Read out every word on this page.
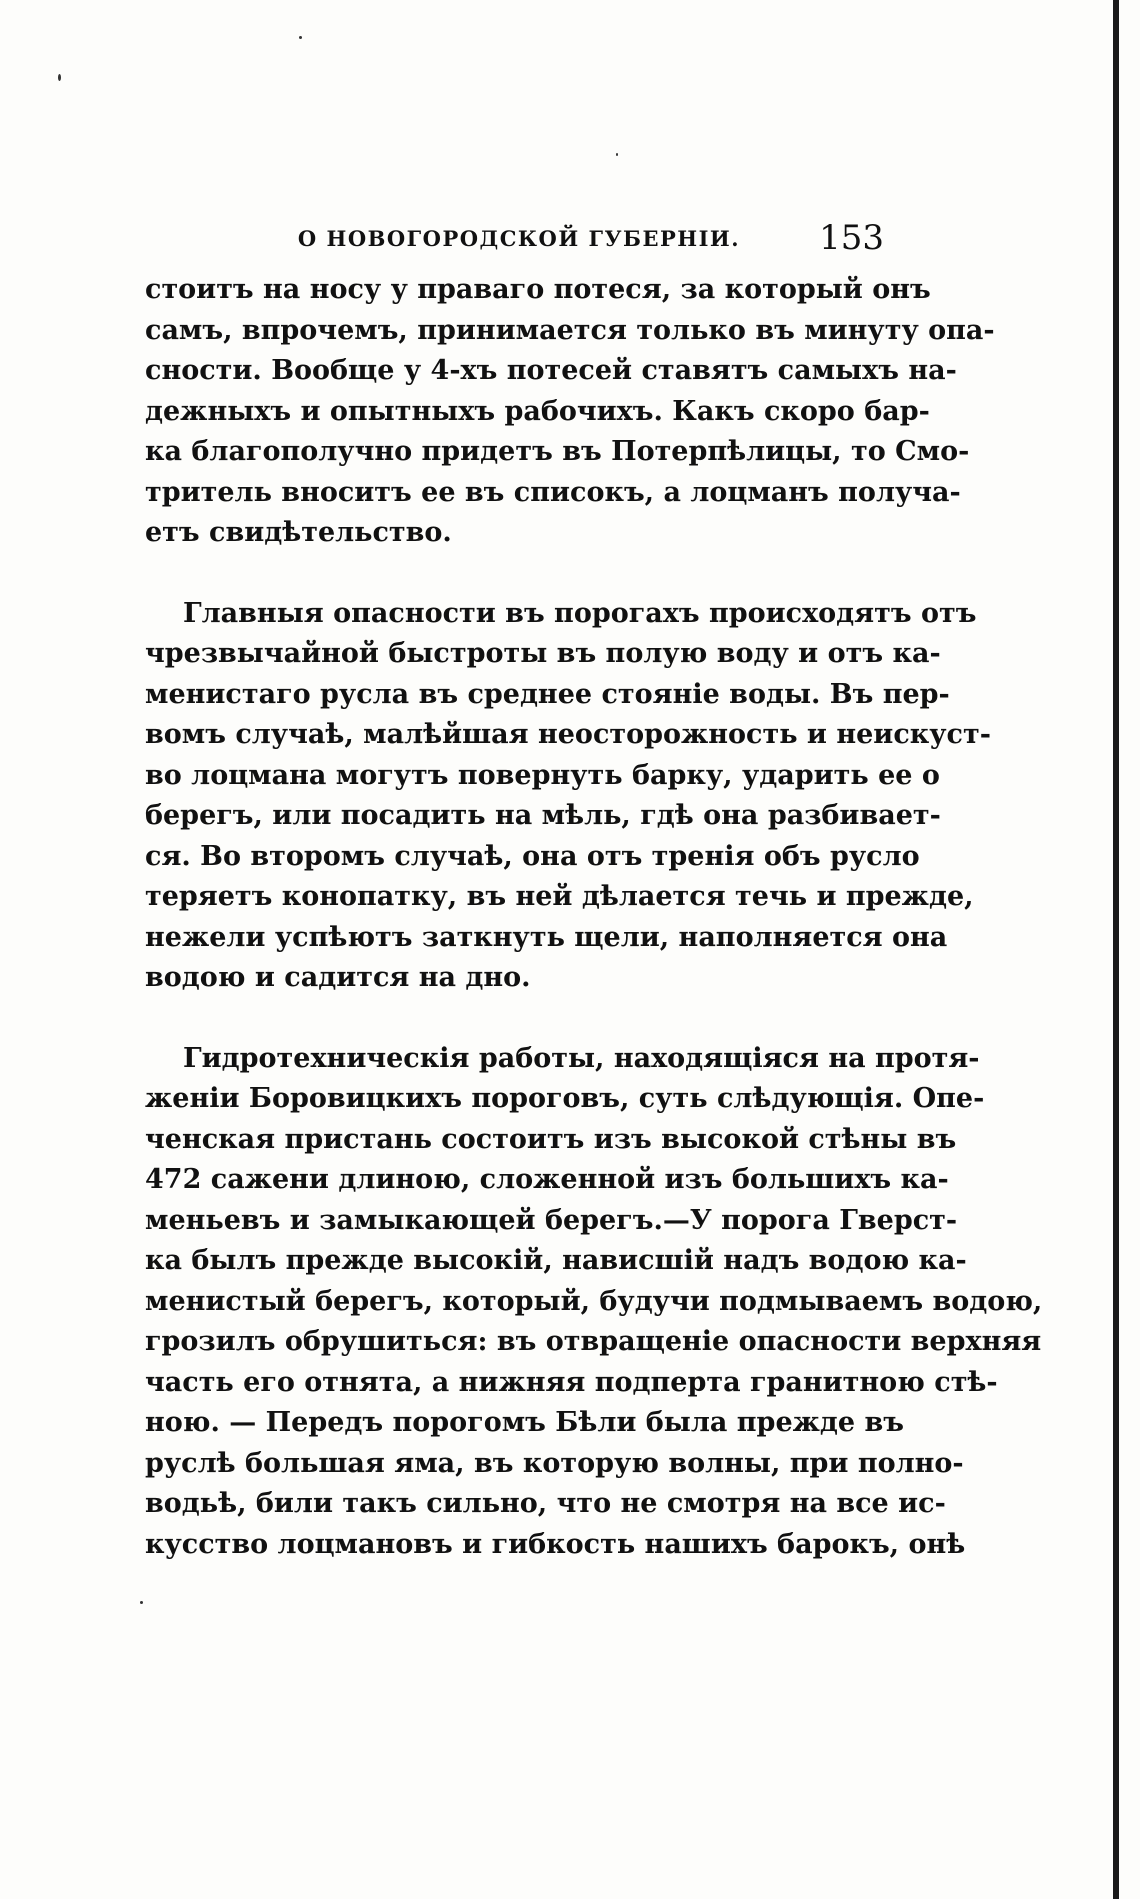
О НОВОГОРОДСКОЙ ГУБЕРНІИ.	153
стоитъ на носу у праваго потеся, за который онъ
самъ, впрочемъ, принимается только въ минуту опа-
сности. Вообще у 4-хъ потесей ставятъ самыхъ на-
дежныхъ и опытныхъ рабочихъ. Какъ скоро бар-
ка благополучно придетъ въ Потерпѣлицы, то Смо-
тритель вноситъ ее въ списокъ, а лоцманъ получа-
етъ свидѣтельство.
Главныя опасности въ порогахъ происходятъ отъ
чрезвычайной быстроты въ полую воду и отъ ка-
менистаго русла въ среднее стояніе воды. Въ пер-
вомъ случаѣ, малѣйшая неосторожность и неискуст-
во лоцмана могутъ повернуть барку, ударить ее о
берегъ, или посадить на мѣль, гдѣ она разбивает-
ся. Во второмъ случаѣ, она отъ тренія объ русло
теряетъ конопатку, въ ней дѣлается течь и прежде,
нежели успѣютъ заткнуть щели, наполняется она
водою и садится на дно.
Гидротехническія работы, находящіяся на протя-
женіи Боровицкихъ пороговъ, суть слѣдующія. Опе-
ченская пристань состоитъ изъ высокой стѣны въ
472 сажени длиною, сложенной изъ большихъ ка-
меньевъ и замыкающей берегъ.—У порога Гверст-
ка былъ прежде высокій, нависшій надъ водою ка-
менистый берегъ, который, будучи подмываемъ водою,
грозилъ обрушиться: въ отвращеніе опасности верхняя
часть его отнята, а нижняя подперта гранитною стѣ-
ною. — Передъ порогомъ Бѣли была прежде въ
руслѣ большая яма, въ которую волны, при полно-
водьѣ, били такъ сильно, что не смотря на все ис-
кусство лоцмановъ и гибкость нашихъ барокъ, онѣ
